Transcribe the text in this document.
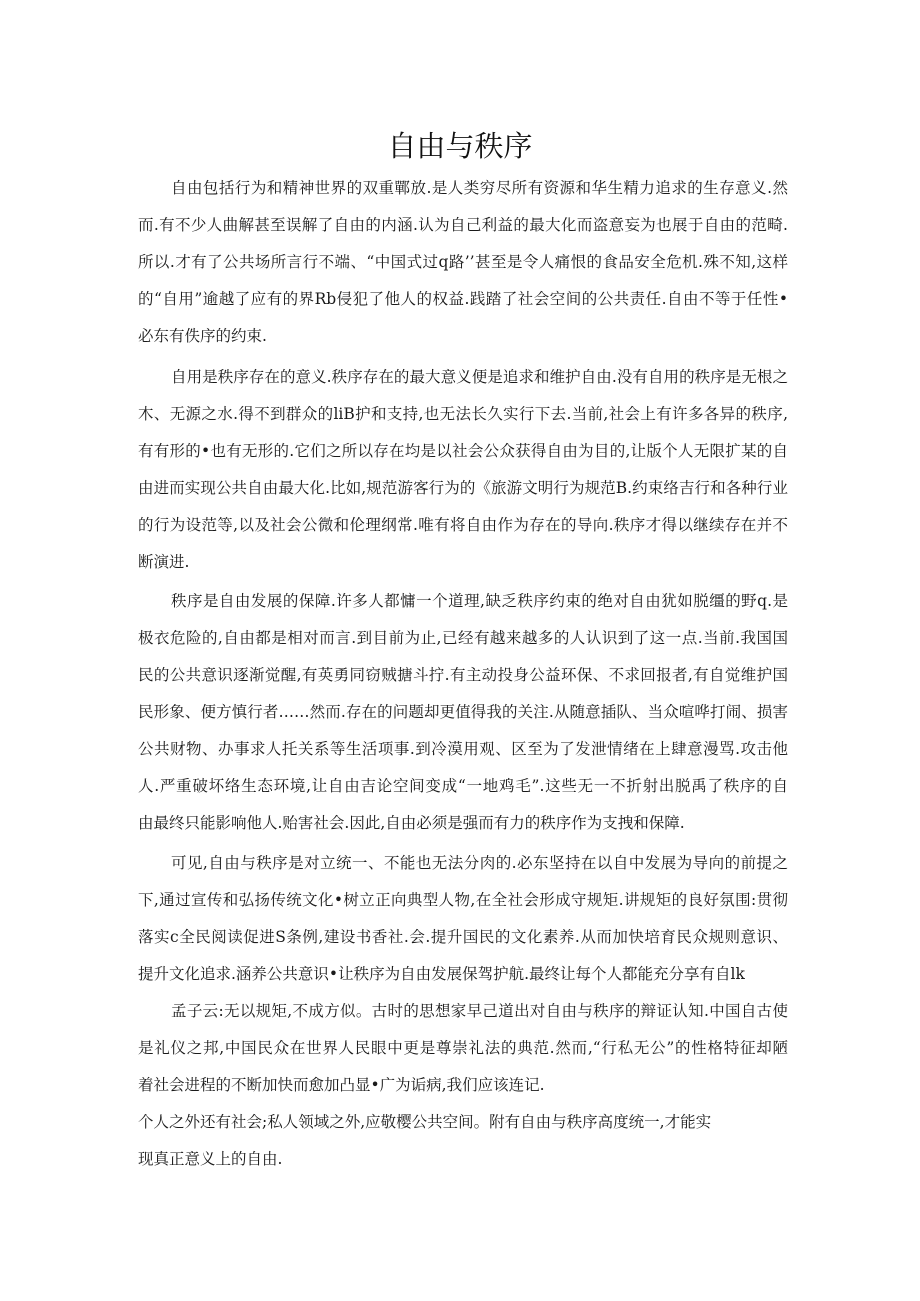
自由与秩序
自由包括行为和精神世界的双重鄲放.是人类穷尽所有资源和华生精力追求的生存意义.然
而.有不少人曲解甚至误解了自由的内涵.认为自己利益的最大化而盗意妄为也展于自由的范畸.
所以.才有了公共场所言行不端、“中国式过q路’’甚至是令人痛恨的食品安全危机.殊不知,这样
的“自用”逾越了应有的界Rb侵犯了他人的权益.践踏了社会空间的公共责任.自由不等于任性•
必东有佚序的约束.
自用是秩序存在的意义.秩序存在的最大意义便是追求和维护自由.没有自用的秩序是无根之
木、无源之水.得不到群众的liB护和支持,也无法长久实行下去.当前,社会上有许多各异的秩序,
有有形的•也有无形的.它们之所以存在均是以社会公众获得自由为目的,让版个人无限扩某的自
由进而实现公共自由最大化.比如,规范游客行为的《旅游文明行为规范B.约束络吉行和各种行业
的行为设范等,以及社会公微和伦理纲常.唯有将自由作为存在的导向.秩序才得以继续存在并不
断演进.
秩序是自由发展的保障.许多人都慵一个道理,缺乏秩序约束的绝对自由犹如脱缰的野q.是
极衣危险的,自由都是相对而言.到目前为止,已经有越来越多的人认识到了这一点.当前.我国国
民的公共意识逐渐觉醒,有英勇同窃贼搪斗拧.有主动投身公益环保、不求回报者,有自觉维护国
民形象、便方慎行者……然而.存在的问题却更值得我的关注.从随意插队、当众喧哗打闹、损害
公共财物、办事求人托关系等生活项事.到冷漠用观、区至为了发泄情绪在上肆意漫骂.攻击他
人.严重破坏络生态环境,让自由吉论空间变成“一地鸡毛”.这些无一不折射出脱禹了秩序的自
由最终只能影响他人.贻害社会.因此,自由必须是强而有力的秩序作为支拽和保障.
可见,自由与秩序是对立统一、不能也无法分肉的.必东坚持在以自中发展为导向的前提之
下,通过宣传和弘扬传统文化•树立正向典型人物,在全社会形成守规矩.讲规矩的良好氛围:贯彻
落实c全民阅读促进S条例,建设书香社.会.提升国民的文化素养.从而加快培育民众规则意识、
提升文化追求.涵养公共意识•让秩序为自由发展保驾护航.最终让每个人都能充分享有自lk
孟子云:无以规矩,不成方似。古时的思想家早己道出对自由与秩序的辩证认知.中国自古使
是礼仪之邦,中国民众在世界人民眼中更是尊崇礼法的典范.然而,“行私无公”的性格特征却陋
着社会进程的不断加快而愈加凸显•广为诟病,我们应该连记.
个人之外还有社会;私人领域之外,应敬樱公共空间。附有自由与秩序高度统一,才能实
现真正意义上的自由.
